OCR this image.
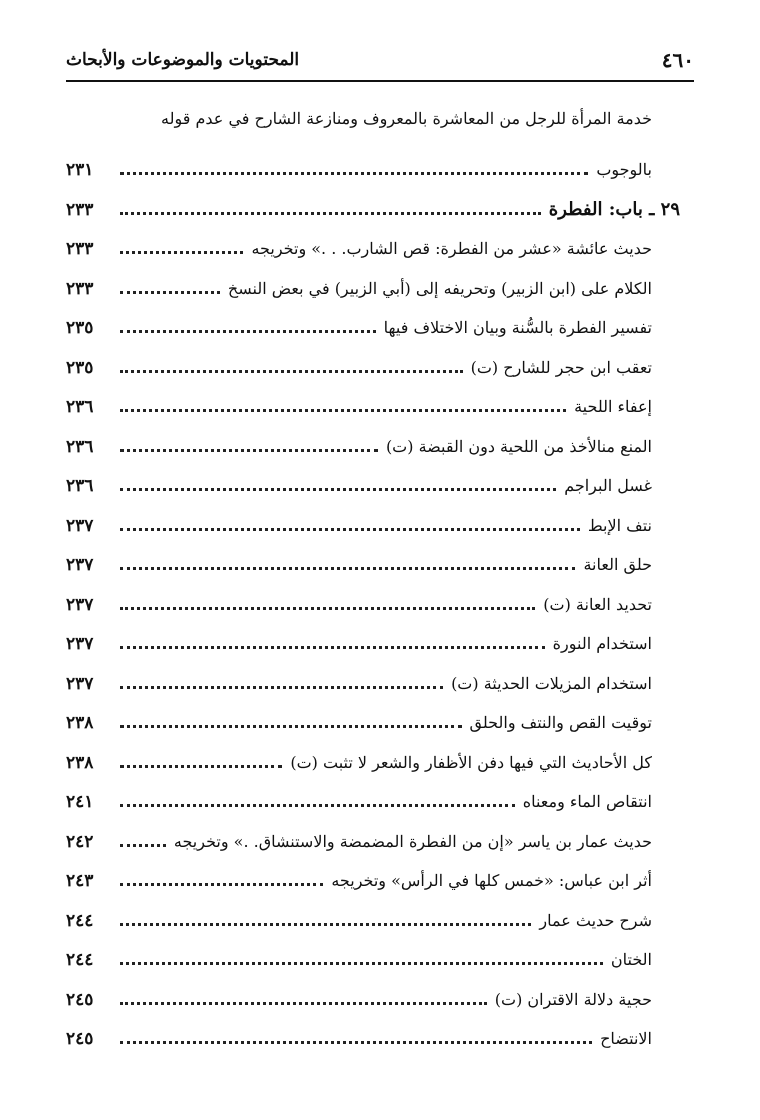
٤٦٠
المحتويات والموضوعات والأبحاث
خدمة المرأة للرجل من المعاشرة بالمعروف ومنازعة الشارح في عدم قوله
بالوجوب
٢٣١
٢٩ ـ باب: الفطرة
٢٣٣
حديث عائشة «عشر من الفطرة: قص الشارب. . .» وتخريجه
٢٣٣
الكلام على (ابن الزبير) وتحريفه إلى (أبي الزبير) في بعض النسخ
٢٣٣
تفسير الفطرة بالسُّنة وبيان الاختلاف فيها
٢٣٥
تعقب ابن حجر للشارح (ت)
٢٣٥
إعفاء اللحية
٢٣٦
المنع منالأخذ من اللحية دون القبضة (ت)
٢٣٦
غسل البراجم
٢٣٦
نتف الإبط
٢٣٧
حلق العانة
٢٣٧
تحديد العانة (ت)
٢٣٧
استخدام النورة
٢٣٧
استخدام المزيلات الحديثة (ت)
٢٣٧
توقيت القص والنتف والحلق
٢٣٨
كل الأحاديث التي فيها دفن الأظفار والشعر لا تثبت (ت)
٢٣٨
انتقاص الماء ومعناه
٢٤١
حديث عمار بن ياسر «إن من الفطرة المضمضة والاستنشاق. .» وتخريجه
٢٤٢
أثر ابن عباس: «خمس كلها في الرأس» وتخريجه
٢٤٣
شرح حديث عمار
٢٤٤
الختان
٢٤٤
حجية دلالة الاقتران (ت)
٢٤٥
الانتضاح
٢٤٥
